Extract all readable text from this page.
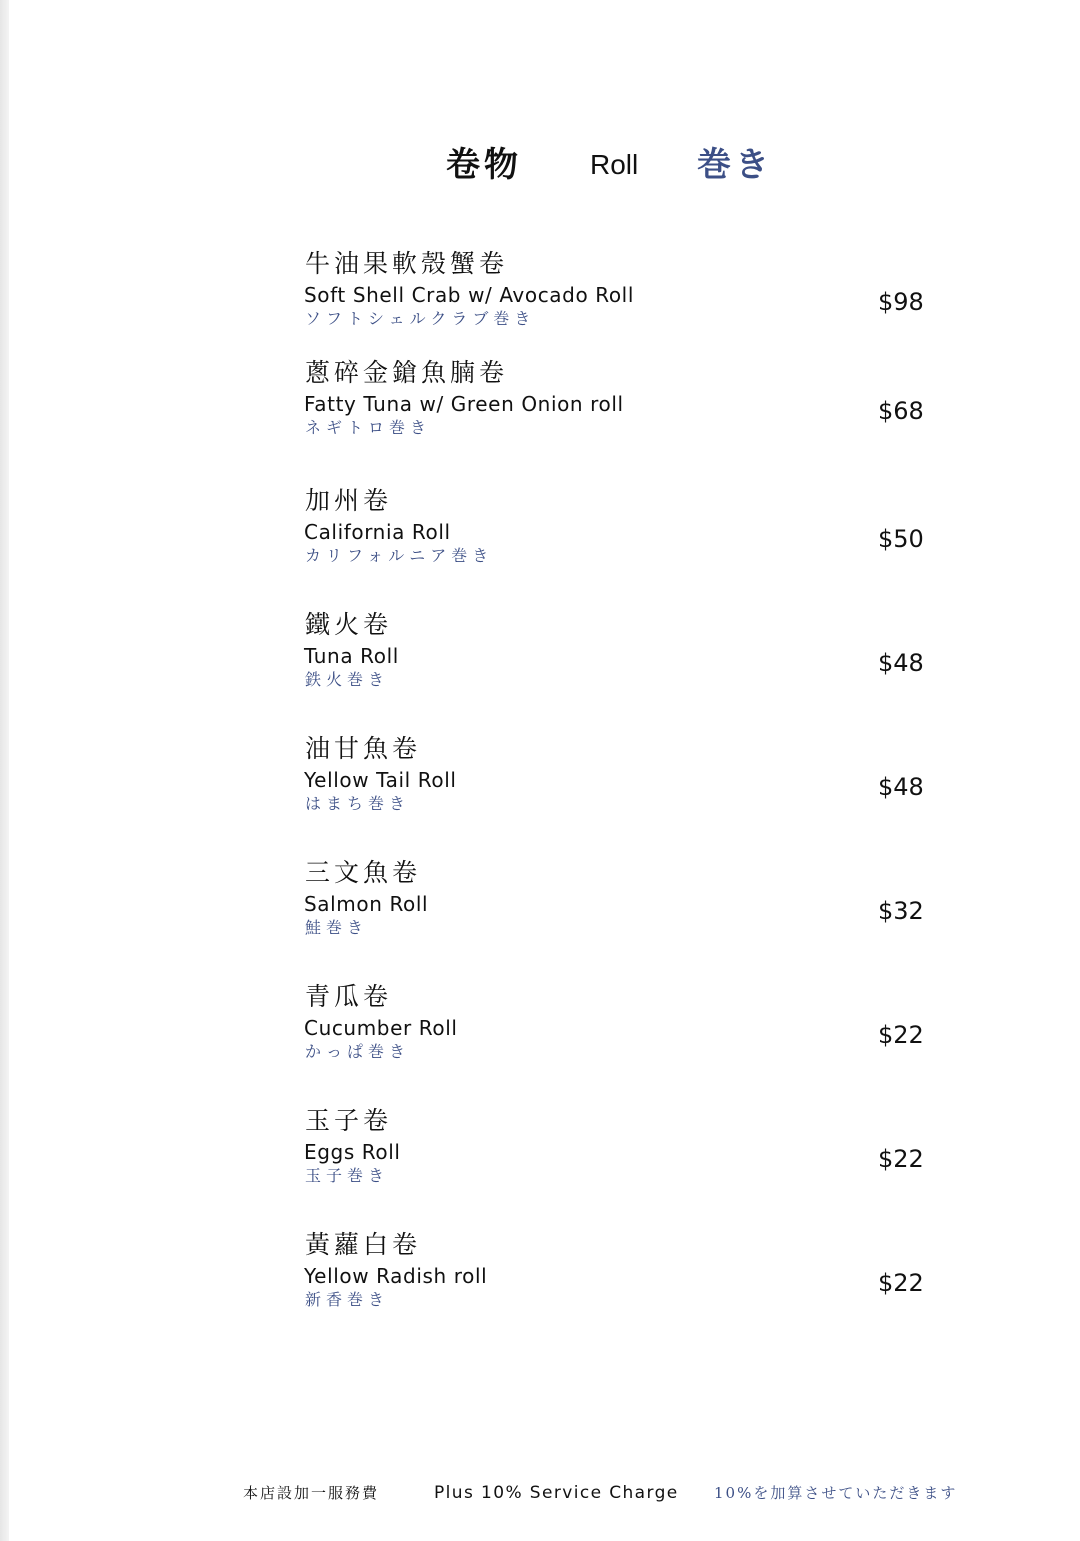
卷物 Roll 巻き
牛油果軟殼蟹卷
Soft Shell Crab w/ Avocado Roll
ソフトシェルクラブ巻き
$98
蔥碎金鎗魚腩卷
Fatty Tuna w/ Green Onion roll
ネギトロ巻き
$68
加州卷
California Roll
カリフォルニア巻き
$50
鐵火卷
Tuna Roll
鉄火巻き
$48
油甘魚卷
Yellow Tail Roll
はまち巻き
$48
三文魚卷
Salmon Roll
鮭巻き
$32
青瓜卷
Cucumber Roll
かっぱ巻き
$22
玉子卷
Eggs Roll
玉子巻き
$22
黃蘿白卷
Yellow Radish roll
新香巻き
$22
本店設加一服務費	Plus 10% Service Charge 10%を加算させていただきます
